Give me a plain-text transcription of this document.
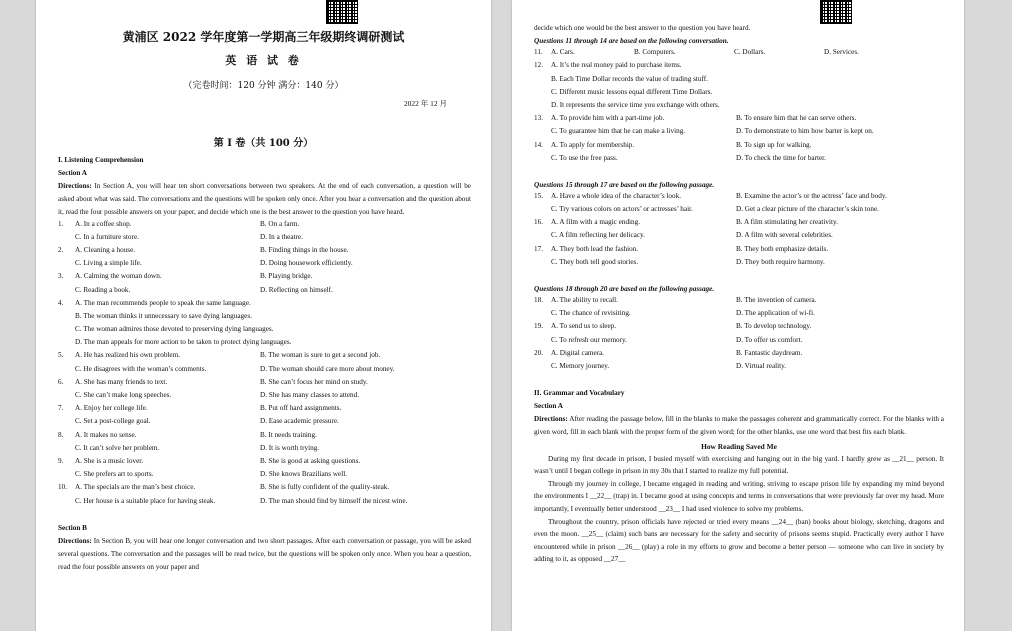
黄浦区 2022 学年度第一学期高三年级期终调研测试
英 语 试 卷
（完卷时间：120 分钟 满分：140 分）
2022 年 12 月
第 I 卷（共 100 分）
I. Listening Comprehension
Section A
Directions: In Section A, you will hear ten short conversations between two speakers. At the end of each conversation, a question will be asked about what was said. The conversations and the questions will be spoken only once. After you hear a conversation and the question about it, read the four possible answers on your paper, and decide which one is the best answer to the question you have heard.
1. A. In a coffee shop.	B. On a farm.
C. In a furniture store.	D. In a theatre.
2. A. Cleaning a house.	B. Finding things in the house.
C. Living a simple life.	D. Doing housework efficiently.
3. A. Calming the woman down.	B. Playing bridge.
C. Reading a book.	D. Reflecting on himself.
4. A. The man recommends people to speak the same language.
B. The woman thinks it unnecessary to save dying languages.
C. The woman admires those devoted to preserving dying languages.
D. The man appeals for more action to be taken to protect dying languages.
5. A. He has realized his own problem.	B. The woman is sure to get a second job.
C. He disagrees with the woman’s comments.	D. The woman should care more about money.
6. A. She has many friends to text.	B. She can’t focus her mind on study.
C. She can’t make long speeches.	D. She has many classes to attend.
7. A. Enjoy her college life.	B. Put off hard assignments.
C. Set a post-college goal.	D. Ease academic pressure.
8. A. It makes no sense.	B. It needs training.
C. It can’t solve her problem.	D. It is worth trying.
9. A. She is a music lover.	B. She is good at asking questions.
C. She prefers art to sports.	D. She knows Brazilians well.
10. A. The specials are the man’s best choice.	B. She is fully confident of the quality-steak.
C. Her house is a suitable place for having steak.	D. The man should find by himself the nicest wine.
Section B
Directions: In Section B, you will hear one longer conversation and two short passages. After each conversation or passage, you will be asked several questions. The conversation and the passages will be read twice, but the questions will be spoken only once. When you hear a question, read the four possible answers on your paper and
decide which one would be the best answer to the question you have heard.
Questions 11 through 14 are based on the following conversation.
11. A. Cars.	B. Computers.	C. Dollars.	D. Services.
12. A. It’s the real money paid to purchase items.
B. Each Time Dollar records the value of trading stuff.
C. Different music lessons equal different Time Dollars.
D. It represents the service time you exchange with others.
13. A. To provide him with a part-time job.	B. To ensure him that he can serve others.
C. To guarantee him that he can make a living.	D. To demonstrate to him how barter is kept on.
14. A. To apply for membership.	B. To sign up for walking.
C. To use the free pass.	D. To check the time for barter.
Questions 15 through 17 are based on the following passage.
15. A. Have a whole idea of the character’s look.	B. Examine the actor’s or the actress’ face and body.
C. Try various colors on actors’ or actresses’ hair.	D. Get a clear picture of the character’s skin tone.
16. A. A film with a magic ending.	B. A film stimulating her creativity.
C. A film reflecting her delicacy.	D. A film with several celebrities.
17. A. They both lead the fashion.	B. They both emphasize details.
C. They both tell good stories.	D. They both require harmony.
Questions 18 through 20 are based on the following passage.
18. A. The ability to recall.	B. The invention of camera.
C. The chance of revisiting.	D. The application of wi-fi.
19. A. To send us to sleep.	B. To develop technology.
C. To refresh our memory.	D. To offer us comfort.
20. A. Digital camera.	B. Fantastic daydream.
C. Memory journey.	D. Virtual reality.
II. Grammar and Vocabulary
Section A
Directions: After reading the passage below, fill in the blanks to make the passages coherent and grammatically correct. For the blanks with a given word, fill in each blank with the proper form of the given word; for the other blanks, use one word that best fits each blank.
How Reading Saved Me
During my first decade in prison, I busied myself with exercising and hanging out in the big yard. I hardly grew as __21__ person. It wasn’t until I began college in prison in my 30s that I started to realize my full potential.
Through my journey in college, I became engaged in reading and writing, striving to escape prison life by expanding my mind beyond the environments I __22__ (trap) in. I became good at using concepts and terms in conversations that were previously far over my head. More importantly, I eventually better understood __23__ I had used violence to solve my problems.
Throughout the country, prison officials have rejected or tried every means __24__ (ban) books about biology, sketching, dragons and even the moon. __25__ (claim) such bans are necessary for the safety and security of prisons seems stupid. Practically every author I have encountered while in prison __26__ (play) a role in my efforts to grow and become a better person — someone who can live in society by adding to it, as opposed __27__
